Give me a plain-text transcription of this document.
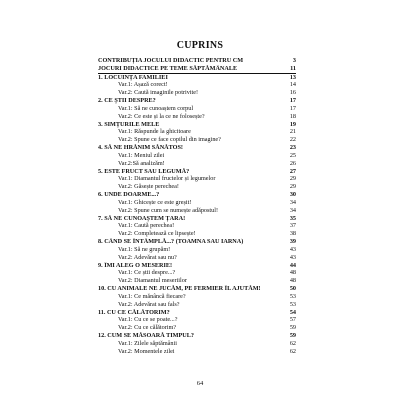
CUPRINS
CONTRIBUȚIA JOCULUI DIDACTIC PENTRU CM	3
JOCURI DIDACTICE PE TEME SĂPTĂMÂNALE	11
1. LOCUINȚA FAMILIEI	13
Var.1: Așază corect!	14
Var.2: Caută imaginile potrivite!	16
2. CE ȘTII DESPRE?	17
Var.1: Să ne cunoaștem corpul	17
Var.2: Ce este și la ce ne folosește?	18
3. SIMȚURILE MELE	19
Var.1: Răspunde la ghicitoare	21
Var.2: Spune ce face copilul din imagine?	22
4. SĂ NE HRĂNIM SĂNĂTOS!	23
Var.1: Meniul zilei	25
Var.2:Să analizăm!	26
5. ESTE FRUCT SAU LEGUMĂ?	27
Var.1: Diamantul fructelor și legumelor	29
Var.2: Găsește perechea!	29
6. UNDE DOARME...?	30
Var.1: Ghicește ce este greșit!	34
Var.2: Spune cum se numește adăpostul!	34
7. SĂ NE CUNOAȘTEM ȚARA!	35
Var.1: Caută perechea!	37
Var.2: Completează ce lipsește!	38
8. CÂND SE ÎNTÂMPLĂ...? (TOAMNA SAU IARNA)	39
Var.1: Să ne grupăm!	43
Var.2: Adevărat sau nu?	43
9. ÎMI ALEG O MESERIE!	44
Var.1: Ce știi despre...?	48
Var.2: Diamantul meseriilor	48
10. CU ANIMALE NE JUCĂM, PE FERMIER ÎL AJUTĂM!	50
Var.1: Ce mănâncă fiecare?	53
Var.2: Adevărat sau fals?	53
11. CU CE CĂLĂTORIM?	54
Var.1: Cu ce se poate...?	57
Var.2: Cu ce călătorim?	59
12. CUM SE MĂSOARĂ TIMPUL?	59
Var.1: Zilele săptămânii	62
Var.2: Momentele zilei	62
64
